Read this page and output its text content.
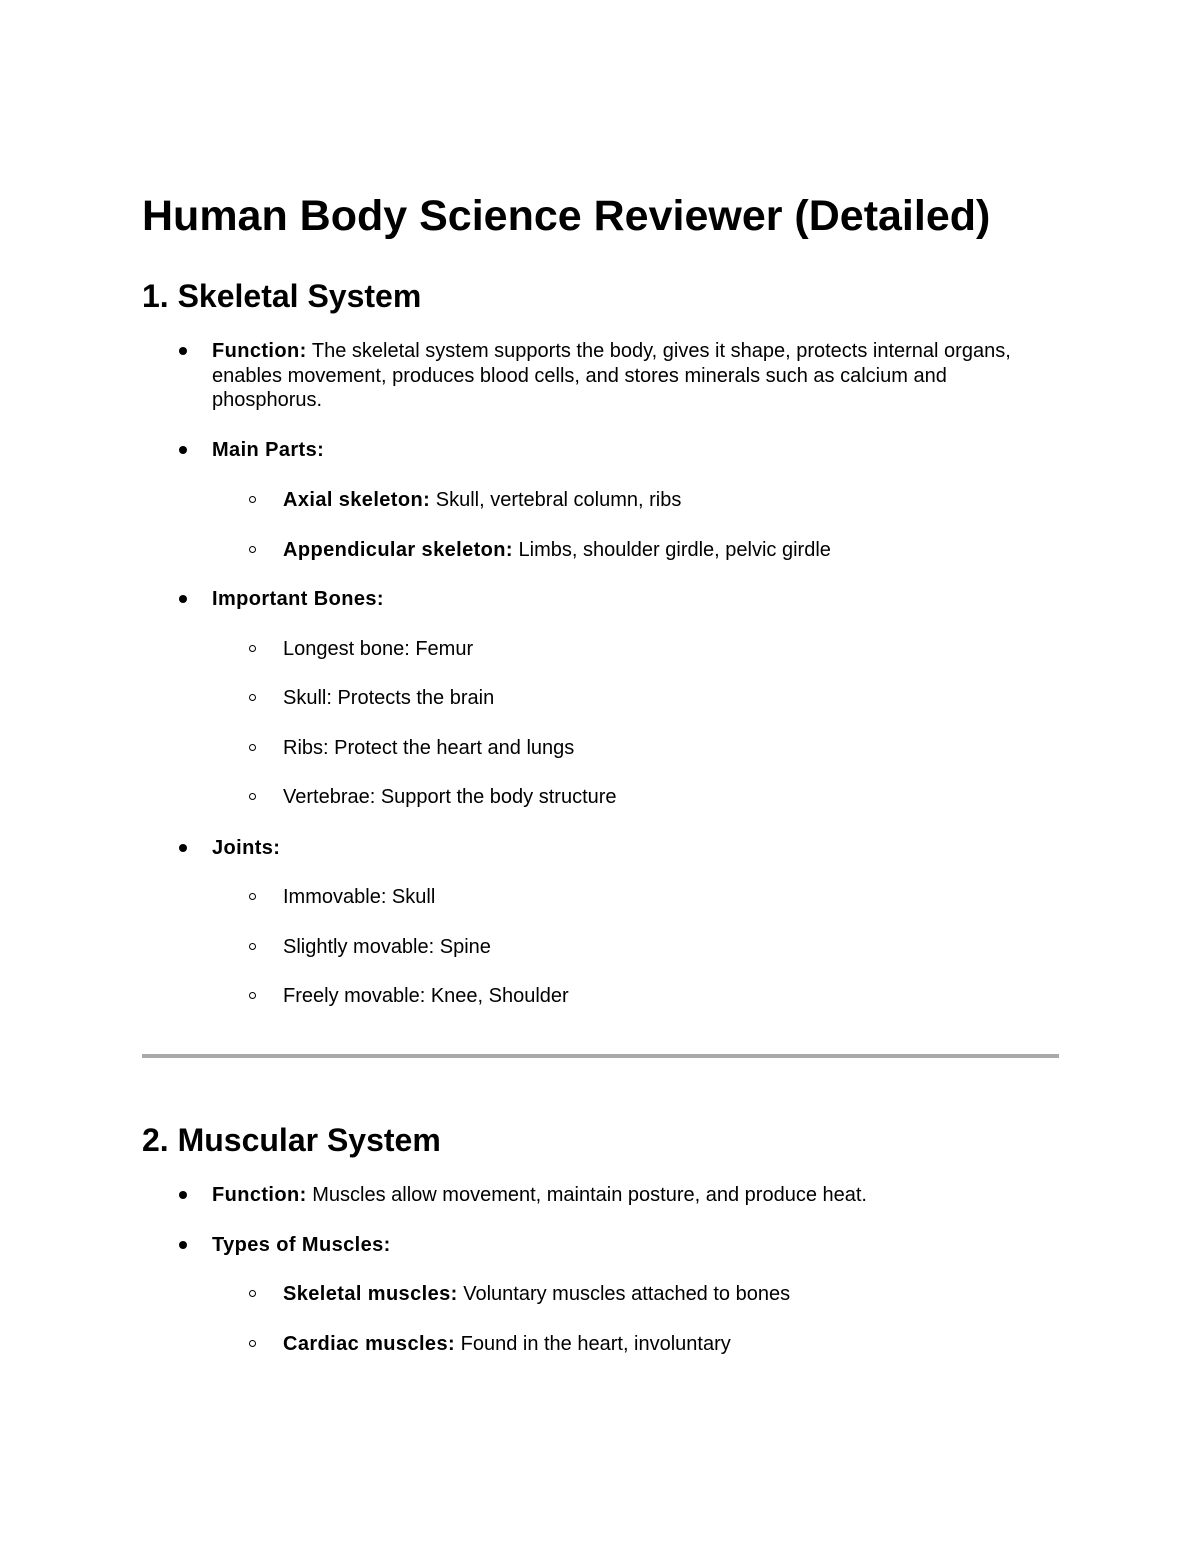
Human Body Science Reviewer (Detailed)
1. Skeletal System
Function: The skeletal system supports the body, gives it shape, protects internal organs, enables movement, produces blood cells, and stores minerals such as calcium and phosphorus.
Main Parts:
Axial skeleton: Skull, vertebral column, ribs
Appendicular skeleton: Limbs, shoulder girdle, pelvic girdle
Important Bones:
Longest bone: Femur
Skull: Protects the brain
Ribs: Protect the heart and lungs
Vertebrae: Support the body structure
Joints:
Immovable: Skull
Slightly movable: Spine
Freely movable: Knee, Shoulder
2. Muscular System
Function: Muscles allow movement, maintain posture, and produce heat.
Types of Muscles:
Skeletal muscles: Voluntary muscles attached to bones
Cardiac muscles: Found in the heart, involuntary
